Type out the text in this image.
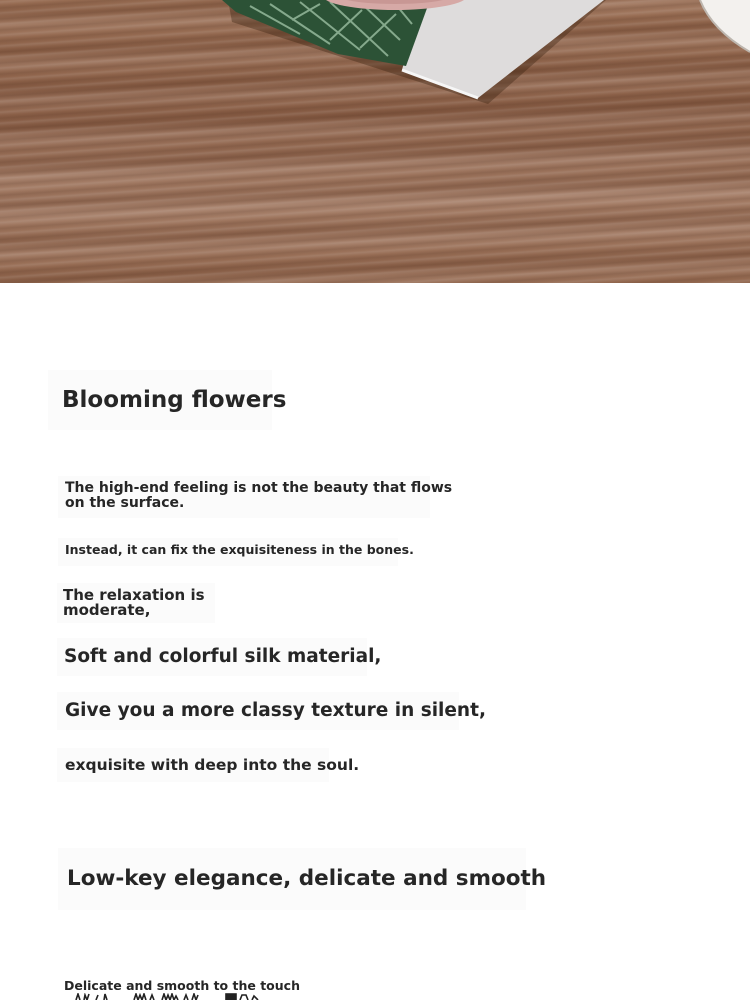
Blooming flowers
The high-end feeling is not the beauty that flows
on the surface.
Instead, it can fix the exquisiteness in the bones.
The relaxation is
moderate,
Soft and colorful silk material,
Give you a more classy texture in silent,
exquisite with deep into the soul.
Low-key elegance, delicate and smooth
Delicate and smooth to the touch
